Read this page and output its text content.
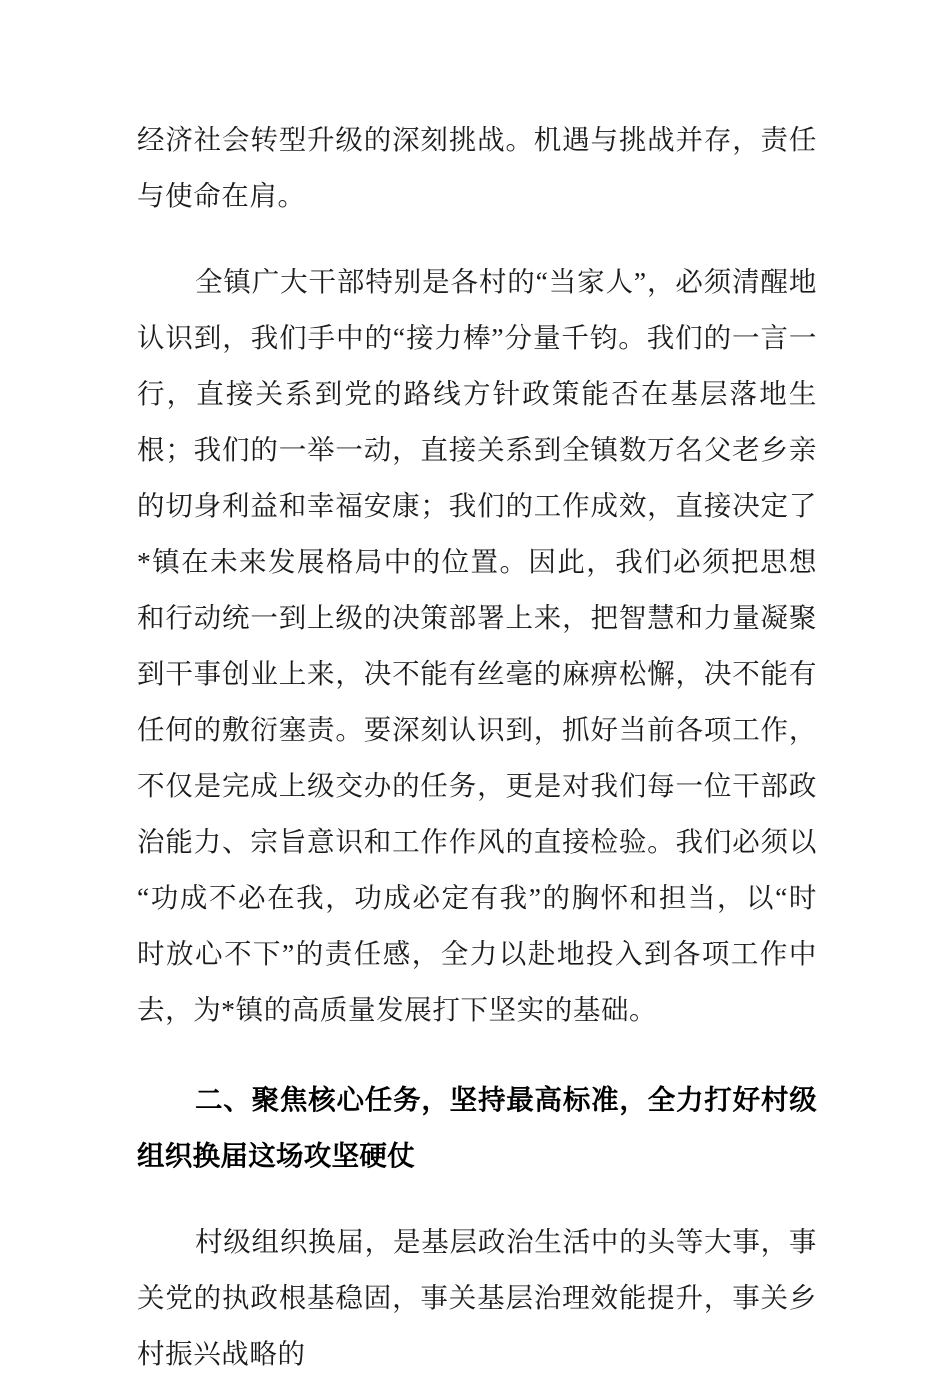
经济社会转型升级的深刻挑战。机遇与挑战并存，责任与使命在肩。

全镇广大干部特别是各村的“当家人”，必须清醒地认识到，我们手中的“接力棒”分量千钧。我们的一言一行，直接关系到党的路线方针政策能否在基层落地生根；我们的一举一动，直接关系到全镇数万名父老乡亲的切身利益和幸福安康；我们的工作成效，直接决定了*镇在未来发展格局中的位置。因此，我们必须把思想和行动统一到上级的决策部署上来，把智慧和力量凝聚到干事创业上来，决不能有丝毫的麻痹松懈，决不能有任何的敷衍塞责。要深刻认识到，抓好当前各项工作，不仅是完成上级交办的任务，更是对我们每一位干部政治能力、宗旨意识和工作作风的直接检验。我们必须以“功成不必在我，功成必定有我”的胸怀和担当，以“时时放心不下”的责任感，全力以赴地投入到各项工作中去，为*镇的高质量发展打下坚实的基础。

二、聚焦核心任务，坚持最高标准，全力打好村级组织换届这场攻坚硬仗

村级组织换届，是基层政治生活中的头等大事，事关党的执政根基稳固，事关基层治理效能提升，事关乡村振兴战略的
